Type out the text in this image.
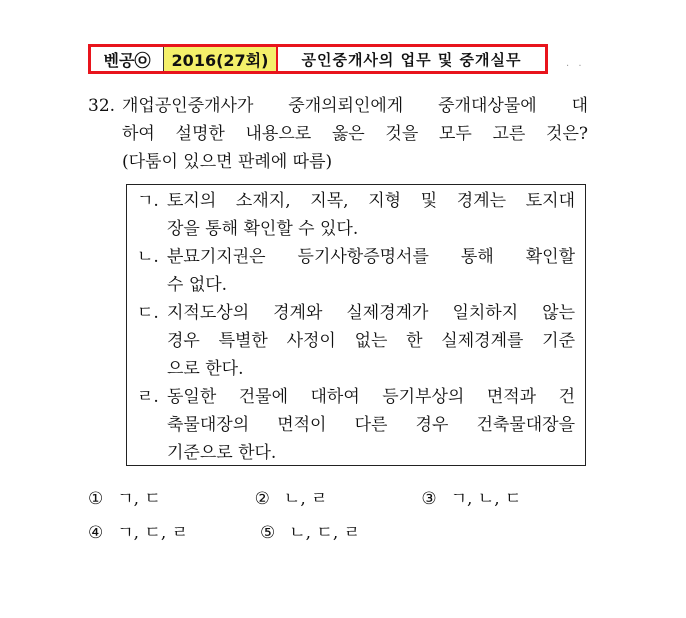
벤공㉧	2016(27회)	공인중개사의 업무 및 중개실무	. .
32. 개업공인중개사가 중개의뢰인에게 중개대상물에 대
하여 설명한 내용으로 옳은 것을 모두 고른 것은?
(다툼이 있으면 판례에 따름)
ㄱ. 토지의 소재지, 지목, 지형 및 경계는 토지대
장을 통해 확인할 수 있다.
ㄴ. 분묘기지권은 등기사항증명서를 통해 확인할
수 없다.
ㄷ. 지적도상의 경계와 실제경계가 일치하지 않는
경우 특별한 사정이 없는 한 실제경계를 기준
으로 한다.
ㄹ. 동일한 건물에 대하여 등기부상의 면적과 건
축물대장의 면적이 다른 경우 건축물대장을
기준으로 한다.
① ㄱ, ㄷ	② ㄴ, ㄹ	③ ㄱ, ㄴ, ㄷ
④ ㄱ, ㄷ, ㄹ	⑤ ㄴ, ㄷ, ㄹ
